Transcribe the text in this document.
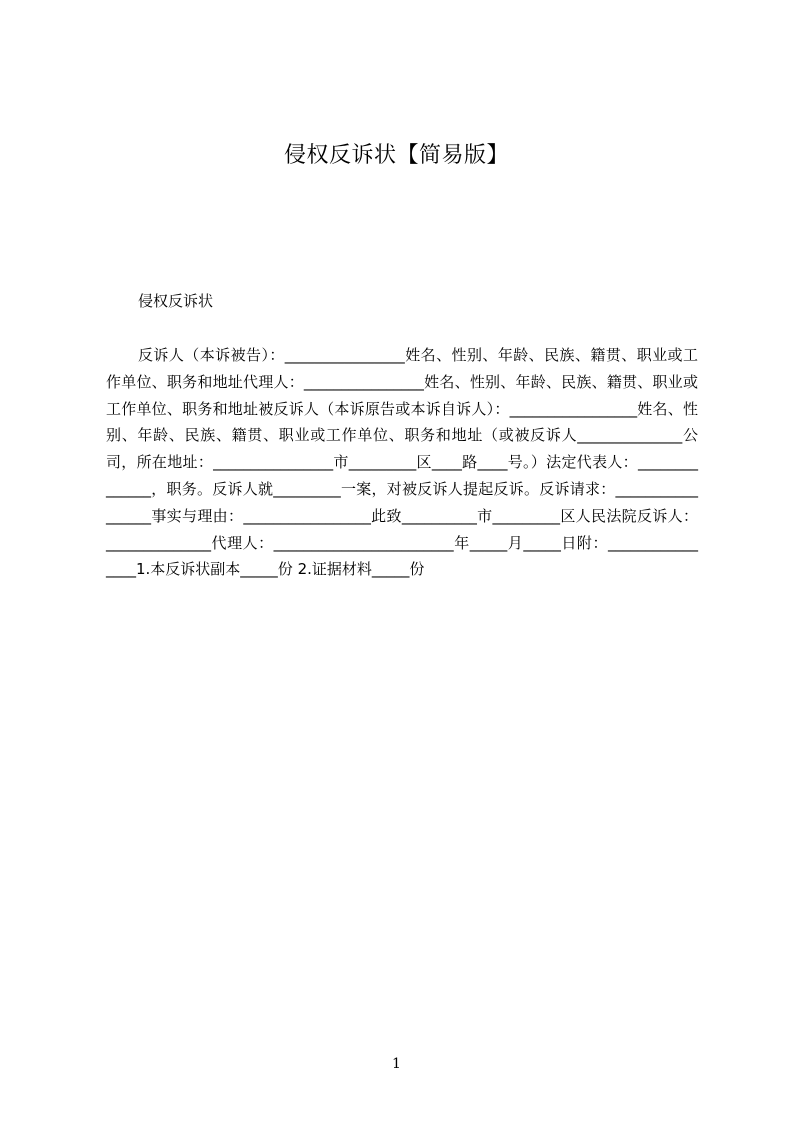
侵权反诉状【简易版】
侵权反诉状

反诉人（本诉被告）：________________姓名、性别、年龄、民族、籍贯、职业或工作单位、职务和地址代理人：________________姓名、性别、年龄、民族、籍贯、职业或工作单位、职务和地址被反诉人（本诉原告或本诉自诉人）：_________________姓名、性别、年龄、民族、籍贯、职业或工作单位、职务和地址（或被反诉人______________公司，所在地址：________________市_________区____路____号。）法定代表人：______________，职务。反诉人就_________一案，对被反诉人提起反诉。反诉请求：_________________事实与理由：_________________此致__________市_________区人民法院反诉人：______________代理人：________________________年_____月_____日附：________________1.本反诉状副本_____份 2.证据材料_____份

1
